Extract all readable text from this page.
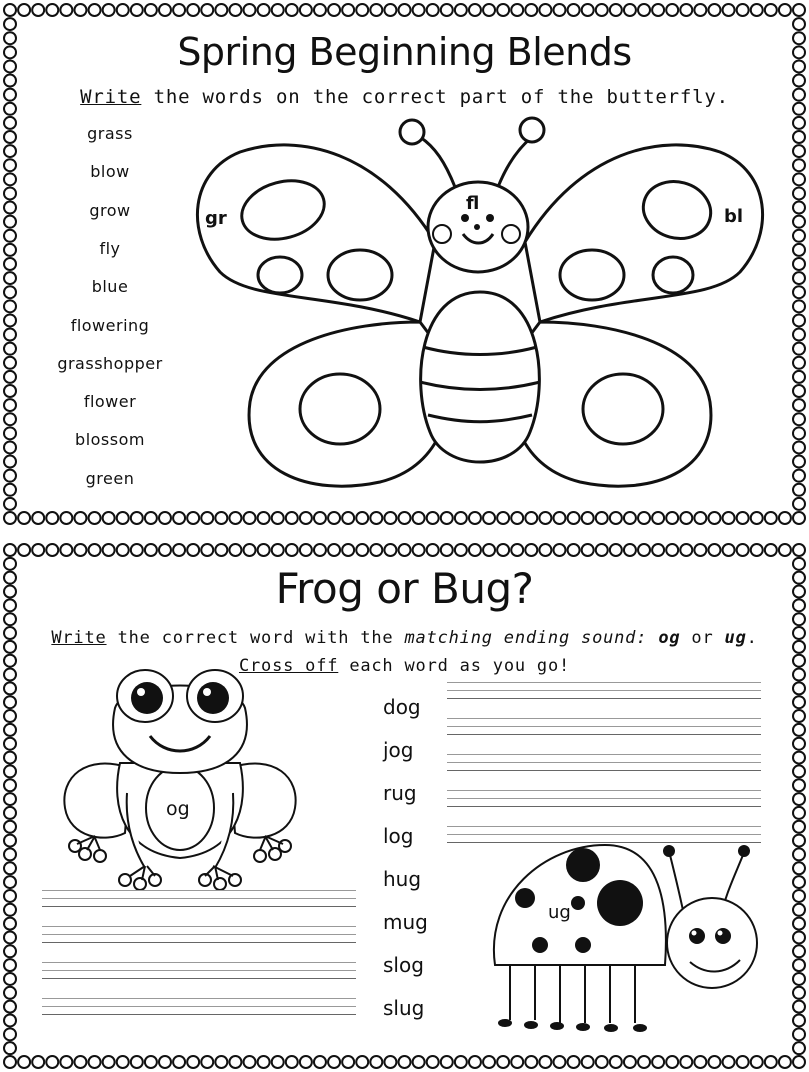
Spring Beginning Blends
Write the words on the correct part of the butterfly.
grass
blow
grow
fly
blue
flowering
grasshopper
flower
blossom
green
gr
fl
bl
Frog or Bug?
Write the correct word with the matching ending sound: og or ug.
Cross off each word as you go!
og
dog
jog
rug
log
hug
mug
slog
slug
ug
